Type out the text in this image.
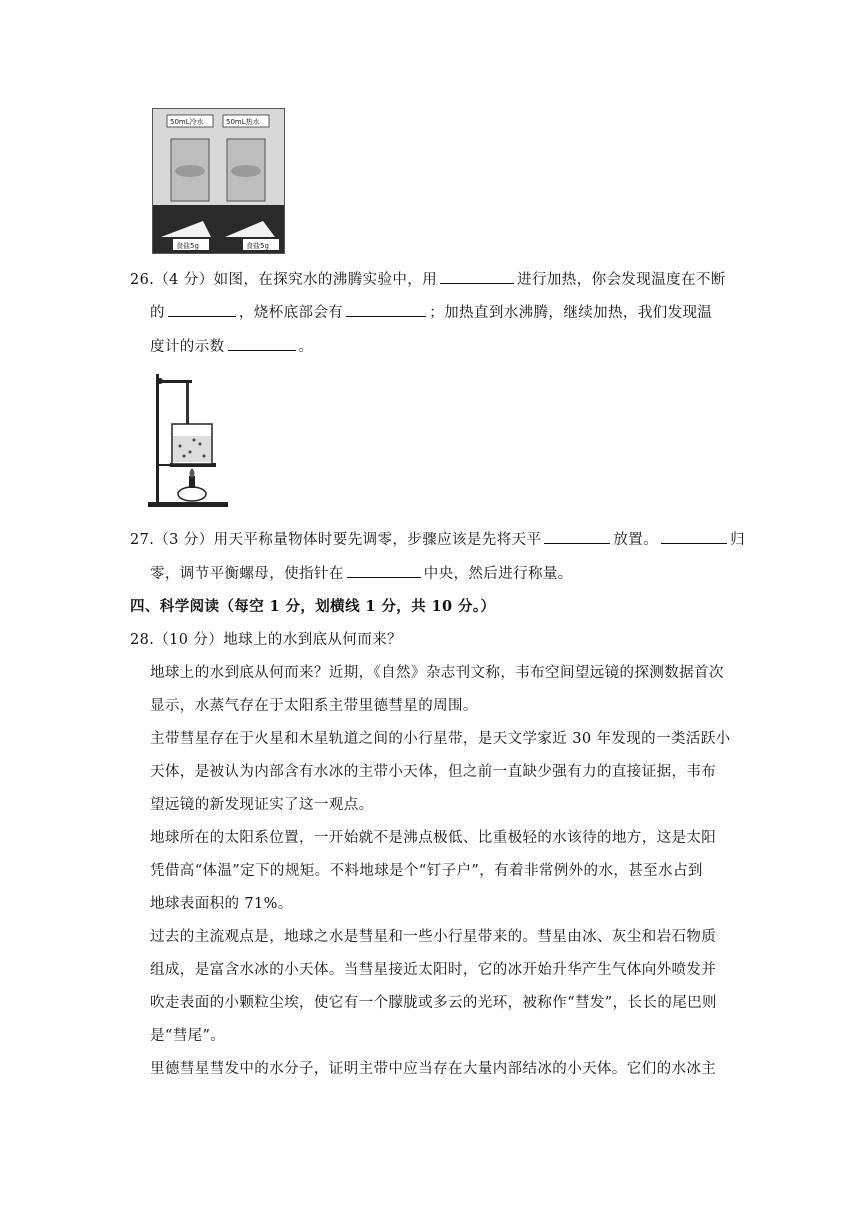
50mL冷水	50mL热水
食盐5g	食盐5g
26.（4 分）如图，在探究水的沸腾实验中，用	进行加热，你会发现温度在不断
的	，烧杯底部会有	；加热直到水沸腾，继续加热，我们发现温
度计的示数	。
27.（3 分）用天平称量物体时要先调零，步骤应该是先将天平	放置。	归
零，调节平衡螺母，使指针在	中央，然后进行称量。
四、科学阅读（每空 1 分，划横线 1 分，共 10 分。）
28.（10 分）地球上的水到底从何而来？
地球上的水到底从何而来？近期，《自然》杂志刊文称，韦布空间望远镜的探测数据首次
显示，水蒸气存在于太阳系主带里德彗星的周围。
主带彗星存在于火星和木星轨道之间的小行星带，是天文学家近 30 年发现的一类活跃小
天体，是被认为内部含有水冰的主带小天体，但之前一直缺少强有力的直接证据，韦布
望远镜的新发现证实了这一观点。
地球所在的太阳系位置，一开始就不是沸点极低、比重极轻的水该待的地方，这是太阳
凭借高“体温”定下的规矩。不料地球是个“钉子户”，有着非常例外的水，甚至水占到
地球表面积的 71%。
过去的主流观点是，地球之水是彗星和一些小行星带来的。彗星由冰、灰尘和岩石物质
组成，是富含水冰的小天体。当彗星接近太阳时，它的冰开始升华产生气体向外喷发并
吹走表面的小颗粒尘埃，使它有一个朦胧或多云的光环，被称作“彗发”，长长的尾巴则
是“彗尾”。
里德彗星彗发中的水分子，证明主带中应当存在大量内部结冰的小天体。它们的水冰主
